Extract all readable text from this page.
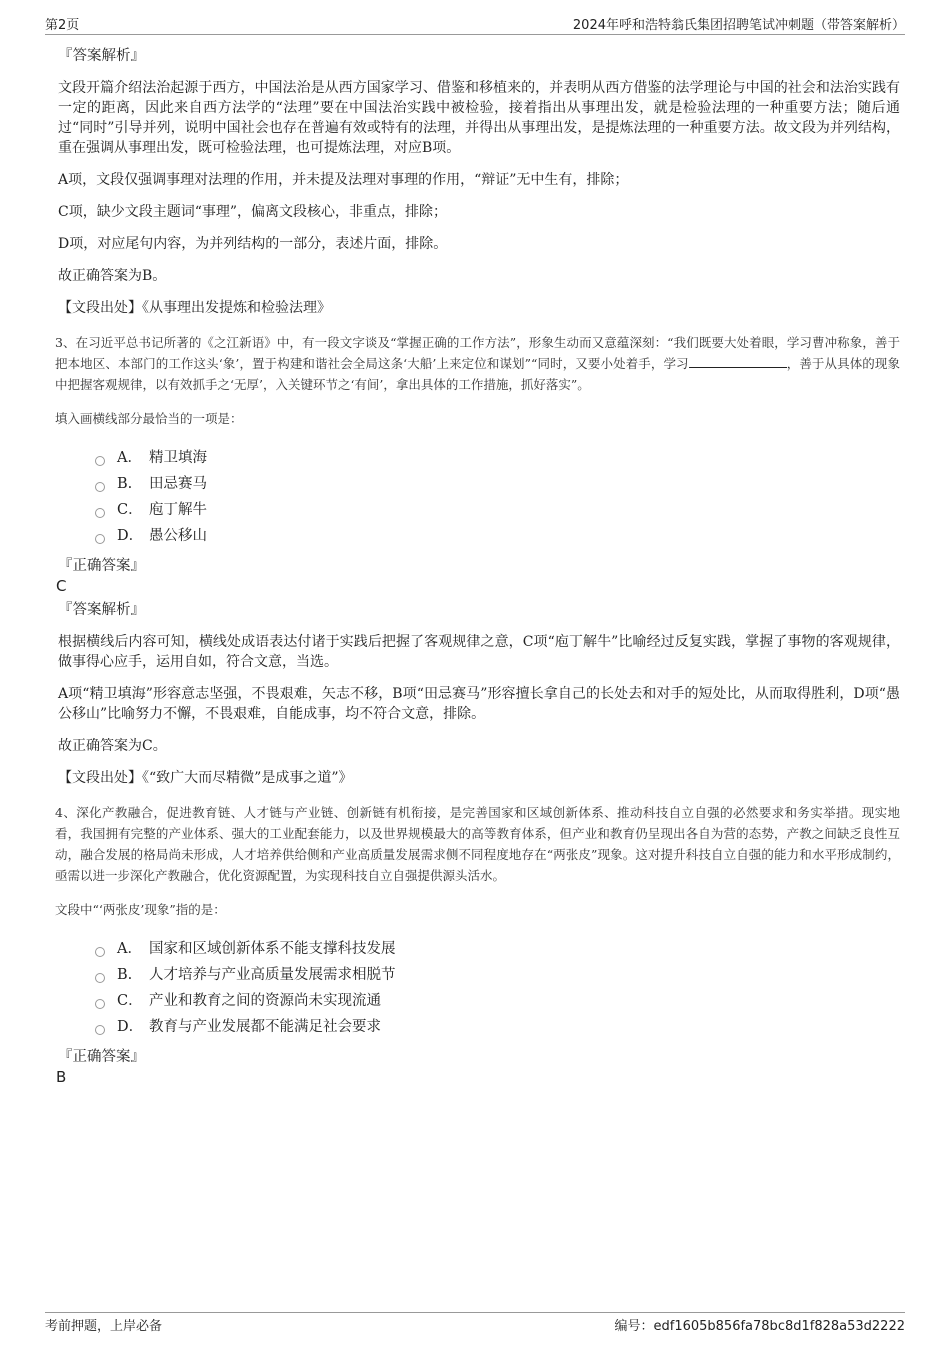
第2页	2024年呼和浩特翁氏集团招聘笔试冲刺题（带答案解析）
『答案解析』

文段开篇介绍法治起源于西方，中国法治是从西方国家学习、借鉴和移植来的，并表明从西方借鉴的法学理论与中国的社会和法治实践有一定的距离，因此来自西方法学的“法理”要在中国法治实践中被检验，接着指出从事理出发，就是检验法理的一种重要方法；随后通过“同时”引导并列，说明中国社会也存在普遍有效或特有的法理，并得出从事理出发，是提炼法理的一种重要方法。故文段为并列结构，重在强调从事理出发，既可检验法理，也可提炼法理，对应B项。

A项，文段仅强调事理对法理的作用，并未提及法理对事理的作用，“辩证”无中生有，排除；

C项，缺少文段主题词“事理”，偏离文段核心，非重点，排除；

D项，对应尾句内容，为并列结构的一部分，表述片面，排除。

故正确答案为B。

【文段出处】《从事理出发提炼和检验法理》

3、在习近平总书记所著的《之江新语》中，有一段文字谈及“掌握正确的工作方法”，形象生动而又意蕴深刻：“我们既要大处着眼，学习曹冲称象，善于把本地区、本部门的工作这头‘象’，置于构建和谐社会全局这条‘大船’上来定位和谋划”“同时，又要小处着手，学习	，善于从具体的现象中把握客观规律，以有效抓手之‘无厚’，入关键环节之‘有间’，拿出具体的工作措施，抓好落实”。

填入画横线部分最恰当的一项是：

A． 精卫填海
B.	田忌赛马
C． 庖丁解牛
D． 愚公移山
『正确答案』
C
『答案解析』

根据横线后内容可知，横线处成语表达付诸于实践后把握了客观规律之意，C项“庖丁解牛”比喻经过反复实践，掌握了事物的客观规律，做事得心应手，运用自如，符合文意，当选。

A项“精卫填海”形容意志坚强，不畏艰难，矢志不移，B项“田忌赛马”形容擅长拿自己的长处去和对手的短处比，从而取得胜利，D项“愚公移山”比喻努力不懈，不畏艰难，自能成事，均不符合文意，排除。

故正确答案为C。

【文段出处】《“致广大而尽精微”是成事之道”》

4、深化产教融合，促进教育链、人才链与产业链、创新链有机衔接，是完善国家和区域创新体系、推动科技自立自强的必然要求和务实举措。现实地看，我国拥有完整的产业体系、强大的工业配套能力，以及世界规模最大的高等教育体系，但产业和教育仍呈现出各自为营的态势，产教之间缺乏良性互动，融合发展的格局尚未形成，人才培养供给侧和产业高质量发展需求侧不同程度地存在“两张皮”现象。这对提升科技自立自强的能力和水平形成制约，亟需以进一步深化产教融合，优化资源配置，为实现科技自立自强提供源头活水。

文段中“‘两张皮’现象”指的是：

A． 国家和区域创新体系不能支撑科技发展
B.	人才培养与产业高质量发展需求相脱节
C． 产业和教育之间的资源尚未实现流通
D． 教育与产业发展都不能满足社会要求
『正确答案』
B
考前押题，上岸必备	编号：edf1605b856fa78bc8d1f828a53d2222
